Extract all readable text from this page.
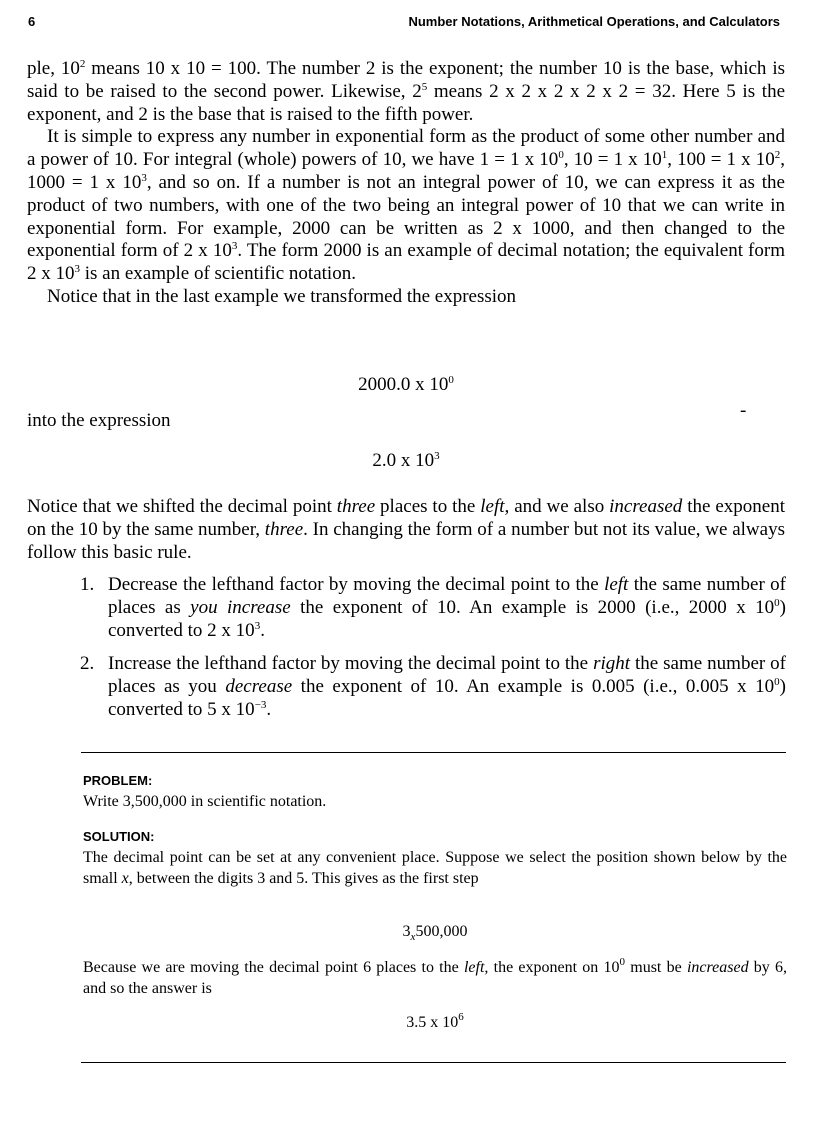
6	Number Notations, Arithmetical Operations, and Calculators

ple, $10^2$ means 10 x 10 = 100. The number 2 is the exponent; the number 10 is the base, which is said to be raised to the second power. Likewise, $2^5$ means 2 x 2 x 2 x 2 x 2 = 32. Here 5 is the exponent, and 2 is the base that is raised to the fifth power.

It is simple to express any number in exponential form as the product of some other number and a power of 10. For integral (whole) powers of 10, we have 1 = 1 x $10^0$, 10 = 1 x $10^1$, 100 = 1 x $10^2$, 1000 = 1 x $10^3$, and so on. If a number is not an integral power of 10, we can express it as the product of two numbers, with one of the two being an integral power of 10 that we can write in exponential form. For example, 2000 can be written as 2 x 1000, and then changed to the exponential form of 2 x $10^3$. The form 2000 is an example of decimal notation; the equivalent form 2 x $10^3$ is an example of scientific notation.

Notice that in the last example we transformed the expression

2000.0 x $10^0$

into the expression	-

2.0 x $10^3$

Notice that we shifted the decimal point three places to the left, and we also increased the exponent on the 10 by the same number, three. In changing the form of a number but not its value, we always follow this basic rule.
1. Decrease the lefthand factor by moving the decimal point to the left the same number of places as you increase the exponent of 10. An example is 2000 (i.e., 2000 x $10^0$) converted to 2 x $10^3$.
2. Increase the lefthand factor by moving the decimal point to the right the same number of places as you decrease the exponent of 10. An example is 0.005 (i.e., 0.005 x $10^0$) converted to 5 x $10^{-3}$.
PROBLEM:
Write 3,500,000 in scientific notation.
SOLUTION:
The decimal point can be set at any convenient place. Suppose we select the position shown below by the small x, between the digits 3 and 5. This gives as the first step
$3_x500,000$
Because we are moving the decimal point 6 places to the left, the exponent on $10^0$ must be increased by 6, and so the answer is
3.5 x $10^6$
